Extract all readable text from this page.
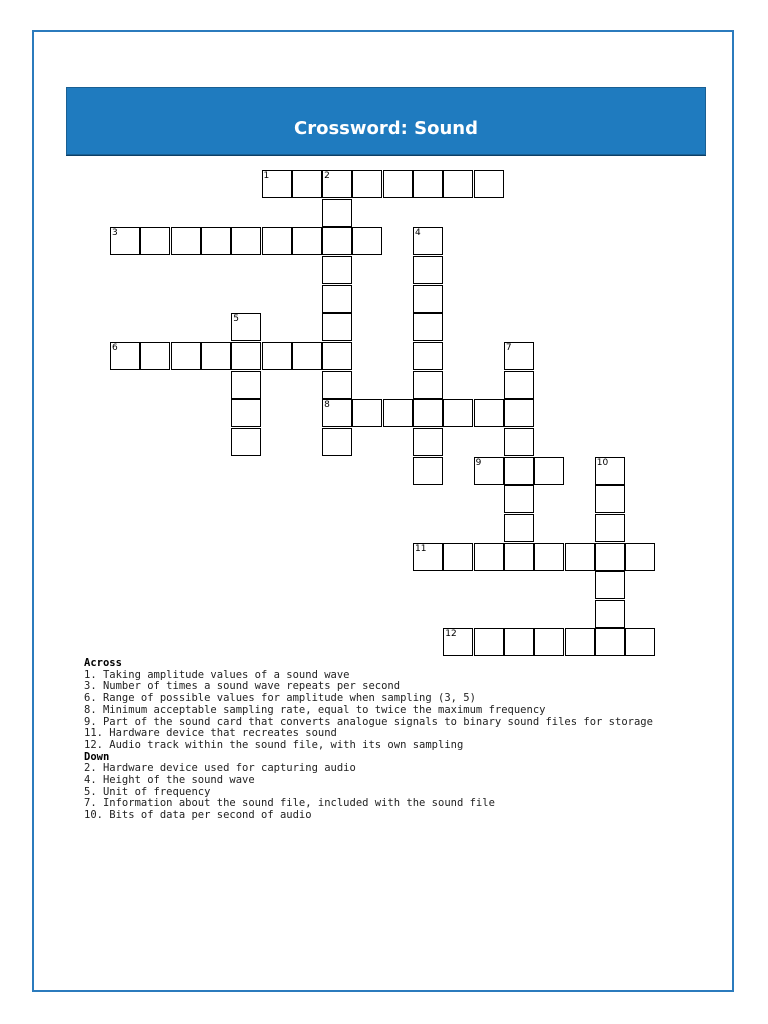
Crossword: Sound
1	2
3
6
8
9
11
12
4
5
7
10
Across
1. Taking amplitude values of a sound wave
3. Number of times a sound wave repeats per second
6. Range of possible values for amplitude when sampling (3, 5)
8. Minimum acceptable sampling rate, equal to twice the maximum frequency
9. Part of the sound card that converts analogue signals to binary sound files for storage
11. Hardware device that recreates sound
12. Audio track within the sound file, with its own sampling
Down
2. Hardware device used for capturing audio
4. Height of the sound wave
5. Unit of frequency
7. Information about the sound file, included with the sound file
10. Bits of data per second of audio
